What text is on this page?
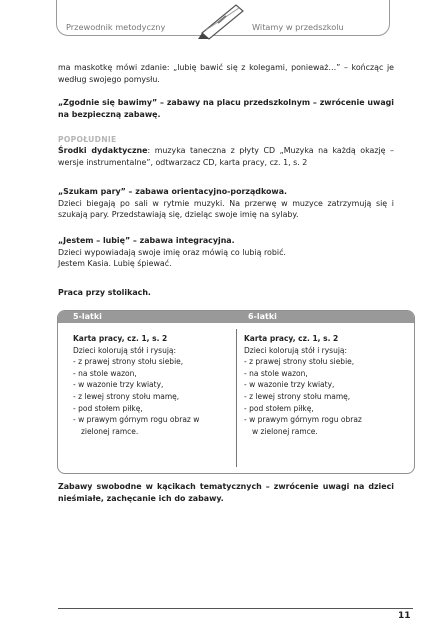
Przewodnik metodyczny	Witamy w przedszkolu

ma maskotkę mówi zdanie: „lubię bawić się z kolegami, ponieważ…” – kończąc je według swojego pomysłu.

„Zgodnie się bawimy” – zabawy na placu przedszkolnym – zwrócenie uwagi na bezpieczną zabawę.

POPOŁUDNIE

Środki dydaktyczne: muzyka taneczna z płyty CD „Muzyka na każdą okazję – wersje instrumentalne”, odtwarzacz CD, karta pracy, cz. 1, s. 2

„Szukam pary” – zabawa orientacyjno-porządkowa.

Dzieci biegają po sali w rytmie muzyki. Na przerwę w muzyce zatrzymują się i szukają pary. Przedstawiają się, dzieląc swoje imię na sylaby.

„Jestem – lubię” – zabawa integracyjna.

Dzieci wypowiadają swoje imię oraz mówią co lubią robić.

Jestem Kasia. Lubię śpiewać.

Praca przy stolikach.
5-latki	6-latki
Karta pracy, cz. 1, s. 2
Dzieci kolorują stół i rysują:
- z prawej strony stołu siebie,
- na stole wazon,
- w wazonie trzy kwiaty,
- z lewej strony stołu mamę,
- pod stołem piłkę,
- w prawym górnym rogu obraz w
zielonej ramce.
Karta pracy, cz. 1, s. 2
Dzieci kolorują stół i rysują:
- z prawej strony stołu siebie,
- na stole wazon,
- w wazonie trzy kwiaty,
- z lewej strony stołu mamę,
- pod stołem piłkę,
- w prawym górnym rogu obraz
w zielonej ramce.

Zabawy swobodne w kącikach tematycznych – zwrócenie uwagi na dzieci nieśmiałe, zachęcanie ich do zabawy.

11
